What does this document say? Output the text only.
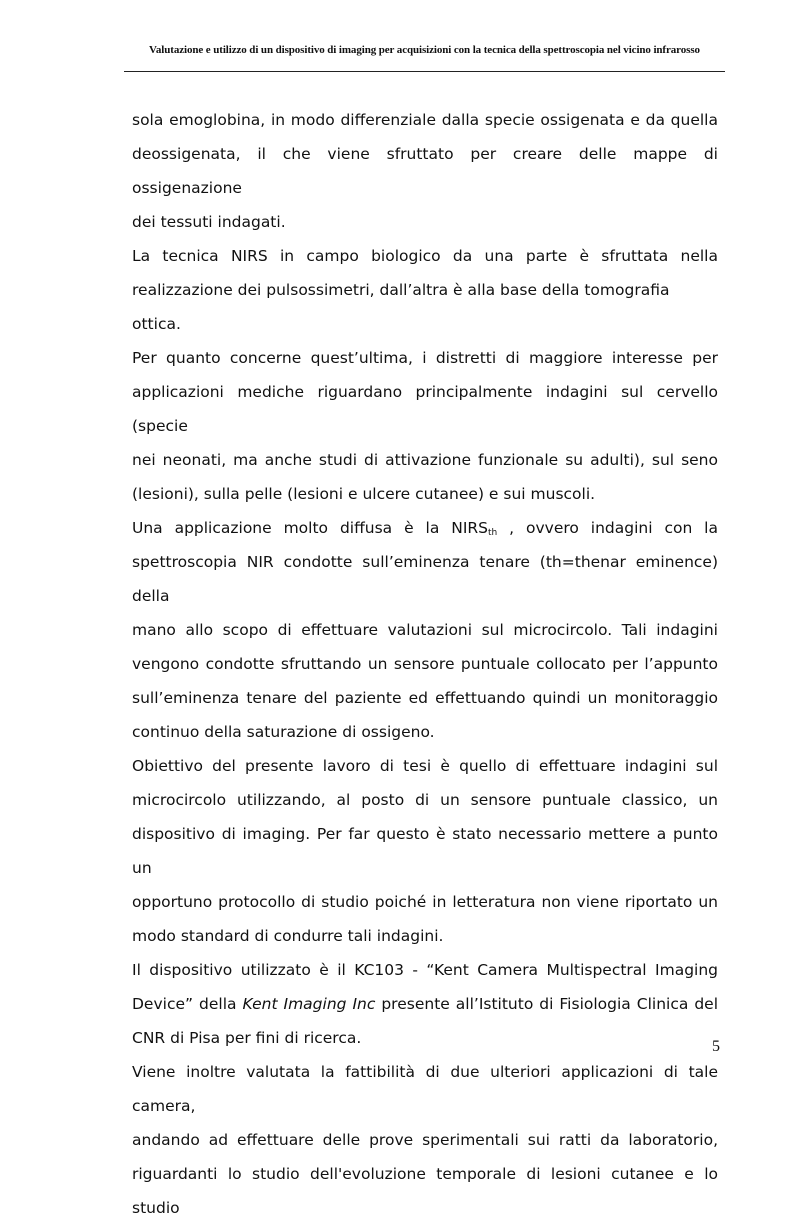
Valutazione e utilizzo di un dispositivo di imaging per acquisizioni con la tecnica della spettroscopia nel vicino infrarosso
sola emoglobina, in modo differenziale dalla specie ossigenata e da quella
deossigenata, il che viene sfruttato per creare delle mappe di ossigenazione
dei tessuti indagati.
La tecnica NIRS in campo biologico da una parte è sfruttata nella
realizzazione dei pulsossimetri, dall’altra è alla base della tomografia ottica.
Per quanto concerne quest’ultima, i distretti di maggiore interesse per
applicazioni mediche riguardano principalmente indagini sul cervello (specie
nei neonati, ma anche studi di attivazione funzionale su adulti), sul seno
(lesioni), sulla pelle (lesioni e ulcere cutanee) e sui muscoli.
Una applicazione molto diffusa è la $NIRS_{th}$ , ovvero indagini con la
spettroscopia NIR condotte sull’eminenza tenare (th=thenar eminence) della
mano allo scopo di effettuare valutazioni sul microcircolo. Tali indagini
vengono condotte sfruttando un sensore puntuale collocato per l’appunto
sull’eminenza tenare del paziente ed effettuando quindi un monitoraggio
continuo della saturazione di ossigeno.
Obiettivo del presente lavoro di tesi è quello di effettuare indagini sul
microcircolo utilizzando, al posto di un sensore puntuale classico, un
dispositivo di imaging. Per far questo è stato necessario mettere a punto un
opportuno protocollo di studio poiché in letteratura non viene riportato un
modo standard di condurre tali indagini.
Il dispositivo utilizzato è il KC103 - “Kent Camera Multispectral Imaging
Device” della Kent Imaging Inc presente all’Istituto di Fisiologia Clinica del
CNR di Pisa per fini di ricerca.
Viene inoltre valutata la fattibilità di due ulteriori applicazioni di tale camera,
andando ad effettuare delle prove sperimentali sui ratti da laboratorio,
riguardanti lo studio dell'evoluzione temporale di lesioni cutanee e lo studio
5
